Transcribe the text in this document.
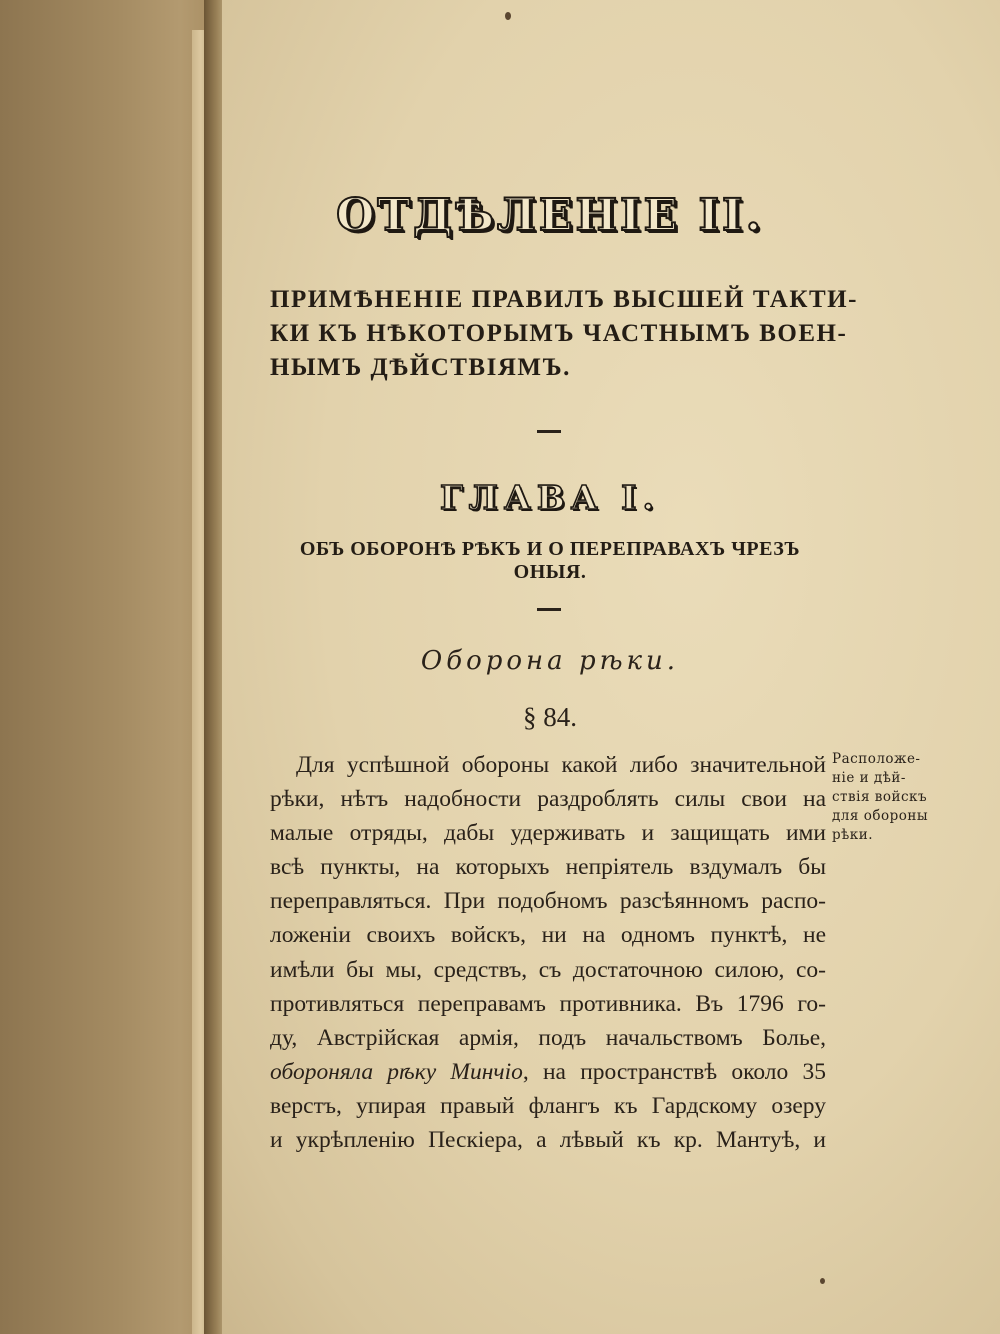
ОТДѢЛЕНІЕ II.
ПРИМѢНЕНІЕ ПРАВИЛЪ ВЫСШЕЙ ТАКТИ-
КИ КЪ НѢКОТОРЫМЪ ЧАСТНЫМЪ ВОЕН-
НЫМЪ ДѢЙСТВІЯМЪ.
ГЛАВА I.
ОБЪ ОБОРОНѢ РѢКЪ И О ПЕРЕПРАВАХЪ ЧРЕЗЪ ОНЫЯ.
Оборона рѣки.
§ 84.
Для успѣшной обороны какой либо значительной
рѣки, нѣтъ надобности раздроблять силы свои на
малые отряды, дабы удерживать и защищать ими
всѣ пункты, на которыхъ непріятель вздумалъ бы
переправляться. При подобномъ разсѣянномъ распо-
ложеніи своихъ войскъ, ни на одномъ пунктѣ, не
имѣли бы мы, средствъ, съ достаточною силою, со-
противляться переправамъ противника. Въ 1796 го-
ду, Австрійская армія, подъ начальствомъ Болье,
обороняла рѣку Минчіо, на пространствѣ около 35
верстъ, упирая правый флангъ къ Гардскому озеру
и укрѣпленію Пескіера, а лѣвый къ кр. Мантуѣ, и
Расположе-
ніе и дѣй-
ствія войскъ
для обороны
рѣки.
